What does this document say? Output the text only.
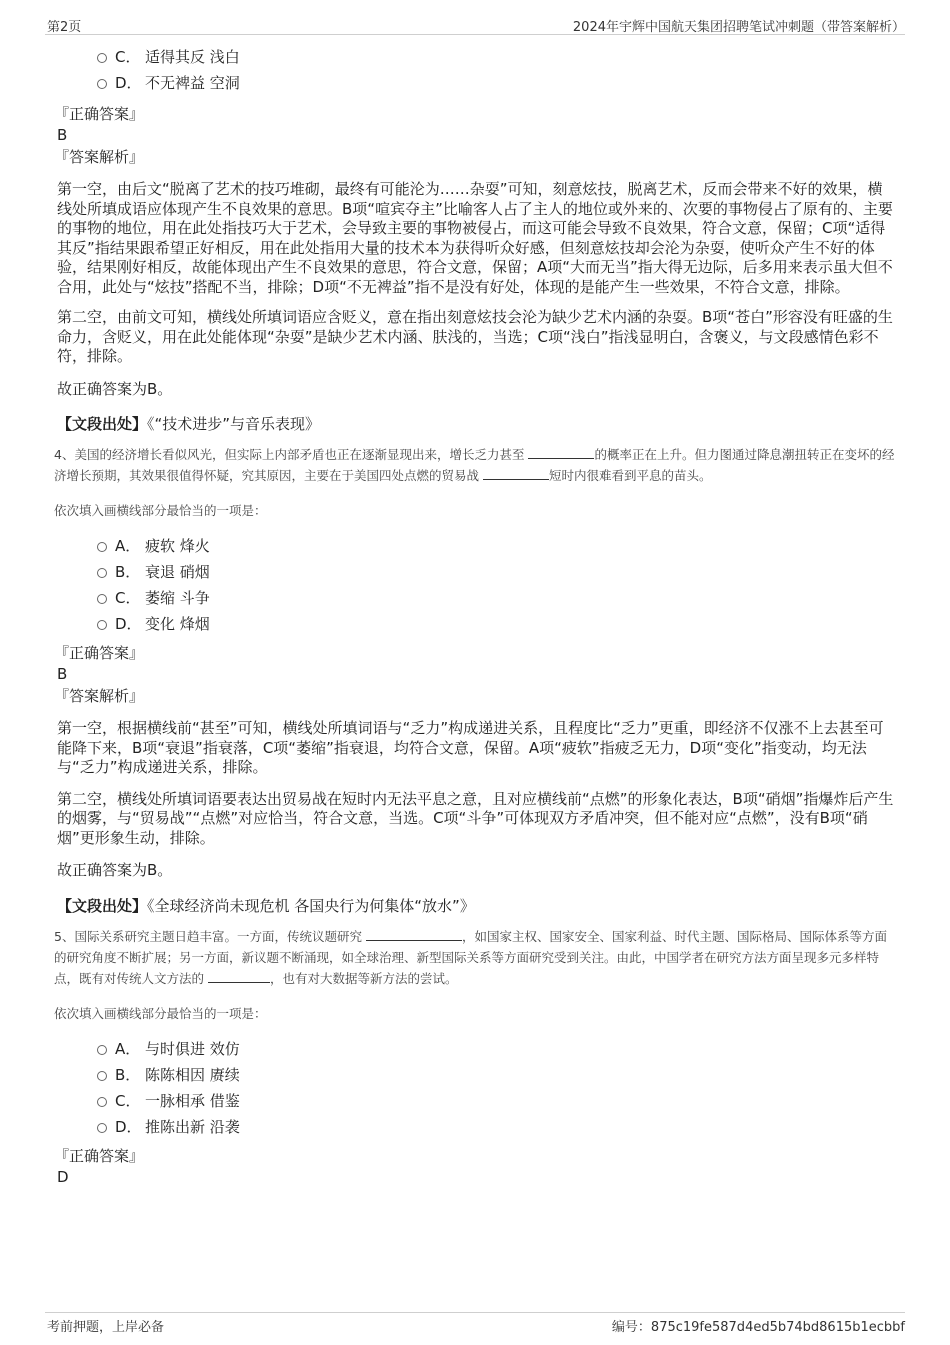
第2页	2024年宇辉中国航天集团招聘笔试冲刺题（带答案解析）
C． 适得其反 浅白
D． 不无裨益 空洞
『正确答案』
B
『答案解析』
第一空，由后文“脱离了艺术的技巧堆砌，最终有可能沦为……杂耍”可知，刻意炫技，脱离艺术，反而会带来不好的效果，横线处所填成语应体现产生不良效果的意思。B项“喧宾夺主”比喻客人占了主人的地位或外来的、次要的事物侵占了原有的、主要的事物的地位，用在此处指技巧大于艺术，会导致主要的事物被侵占，而这可能会导致不良效果，符合文意，保留；C项“适得其反”指结果跟希望正好相反，用在此处指用大量的技术本为获得听众好感，但刻意炫技却会沦为杂耍，使听众产生不好的体验，结果刚好相反，故能体现出产生不良效果的意思，符合文意，保留；A项“大而无当”指大得无边际，后多用来表示虽大但不合用，此处与“炫技”搭配不当，排除；D项“不无裨益”指不是没有好处，体现的是能产生一些效果，不符合文意，排除。
第二空，由前文可知，横线处所填词语应含贬义，意在指出刻意炫技会沦为缺少艺术内涵的杂耍。B项“苍白”形容没有旺盛的生命力，含贬义，用在此处能体现“杂耍”是缺少艺术内涵、肤浅的，当选；C项“浅白”指浅显明白，含褒义，与文段感情色彩不符，排除。
故正确答案为B。
【文段出处】《“技术进步”与音乐表现》
4、美国的经济增长看似风光，但实际上内部矛盾也正在逐渐显现出来，增长乏力甚至	的概率正在上升。但力图通过降息潮扭转正在变坏的经济增长预期，其效果很值得怀疑，究其原因，主要在于美国四处点燃的贸易战	短时内很难看到平息的苗头。
依次填入画横线部分最恰当的一项是：
A． 疲软 烽火
B． 衰退 硝烟
C． 萎缩 斗争
D． 变化 烽烟
『正确答案』
B
『答案解析』
第一空，根据横线前“甚至”可知，横线处所填词语与“乏力”构成递进关系，且程度比“乏力”更重，即经济不仅涨不上去甚至可能降下来，B项“衰退”指衰落，C项“萎缩”指衰退，均符合文意，保留。A项“疲软”指疲乏无力，D项“变化”指变动，均无法与“乏力”构成递进关系，排除。
第二空，横线处所填词语要表达出贸易战在短时内无法平息之意，且对应横线前“点燃”的形象化表达，B项“硝烟”指爆炸后产生的烟雾，与“贸易战”“点燃”对应恰当，符合文意，当选。C项“斗争”可体现双方矛盾冲突，但不能对应“点燃”，没有B项“硝烟”更形象生动，排除。
故正确答案为B。
【文段出处】《全球经济尚未现危机 各国央行为何集体“放水”》
5、国际关系研究主题日趋丰富。一方面，传统议题研究	，如国家主权、国家安全、国家利益、时代主题、国际格局、国际体系等方面的研究角度不断扩展；另一方面，新议题不断涌现，如全球治理、新型国际关系等方面研究受到关注。由此，中国学者在研究方法方面呈现多元多样特点，既有对传统人文方法的	，也有对大数据等新方法的尝试。
依次填入画横线部分最恰当的一项是：
A． 与时俱进 效仿
B． 陈陈相因 赓续
C． 一脉相承 借鉴
D． 推陈出新 沿袭
『正确答案』
D
考前押题，上岸必备	编号：875c19fe587d4ed5b74bd8615b1ecbbf
